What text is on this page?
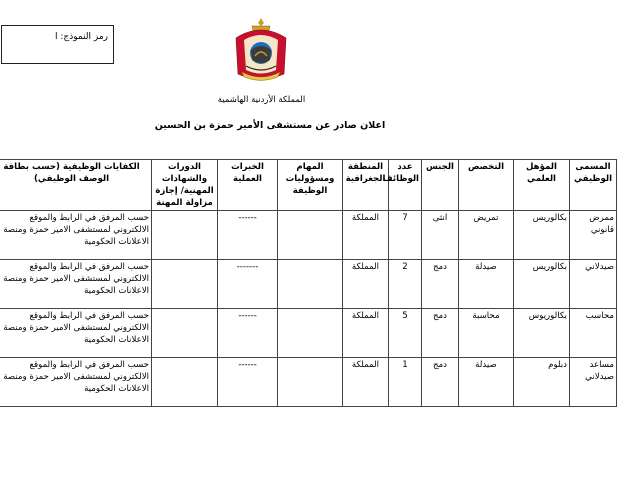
رمز النموذج: ا
المملكة الأردنية الهاشمية
اعلان صادر عن مستشفى الأمير حمزة بن الحسين
المسمى الوظيفي	المؤهل العلمي	التخصص	الجنس	عدد الوظائف	المنطقة الجغرافية	المهام ومسؤوليات الوظيفة	الخبرات العملية	الدورات والشهادات المهنية/ إجازة مزاولة المهنة	الكفايات الوظيفية (حسب بطاقة الوصف الوظيفي)
ممرض قانوني	بكالوريس	تمريض	انثى	7	المملكة		------		حسب المرفق في الرابط والموقع الالكتروني لمستشفى الامير حمزة ومنصة الاعلانات الحكومية
صيدلاني	بكالوريس	صيدلة	دمج	2	المملكة		-------		حسب المرفق في الرابط والموقع الالكتروني لمستشفى الامير حمزة ومنصة الاعلانات الحكومية
محاسب	بكالوريوس	محاسبة	دمج	5	المملكة		------		حسب المرفق في الرابط والموقع الالكتروني لمستشفى الامير حمزة ومنصة الاعلانات الحكومية
مساعد صيدلاني	دبلوم	صيدلة	دمج	1	المملكة		------		حسب المرفق في الرابط والموقع الالكتروني لمستشفى الامير حمزة ومنصة الاعلانات الحكومية
